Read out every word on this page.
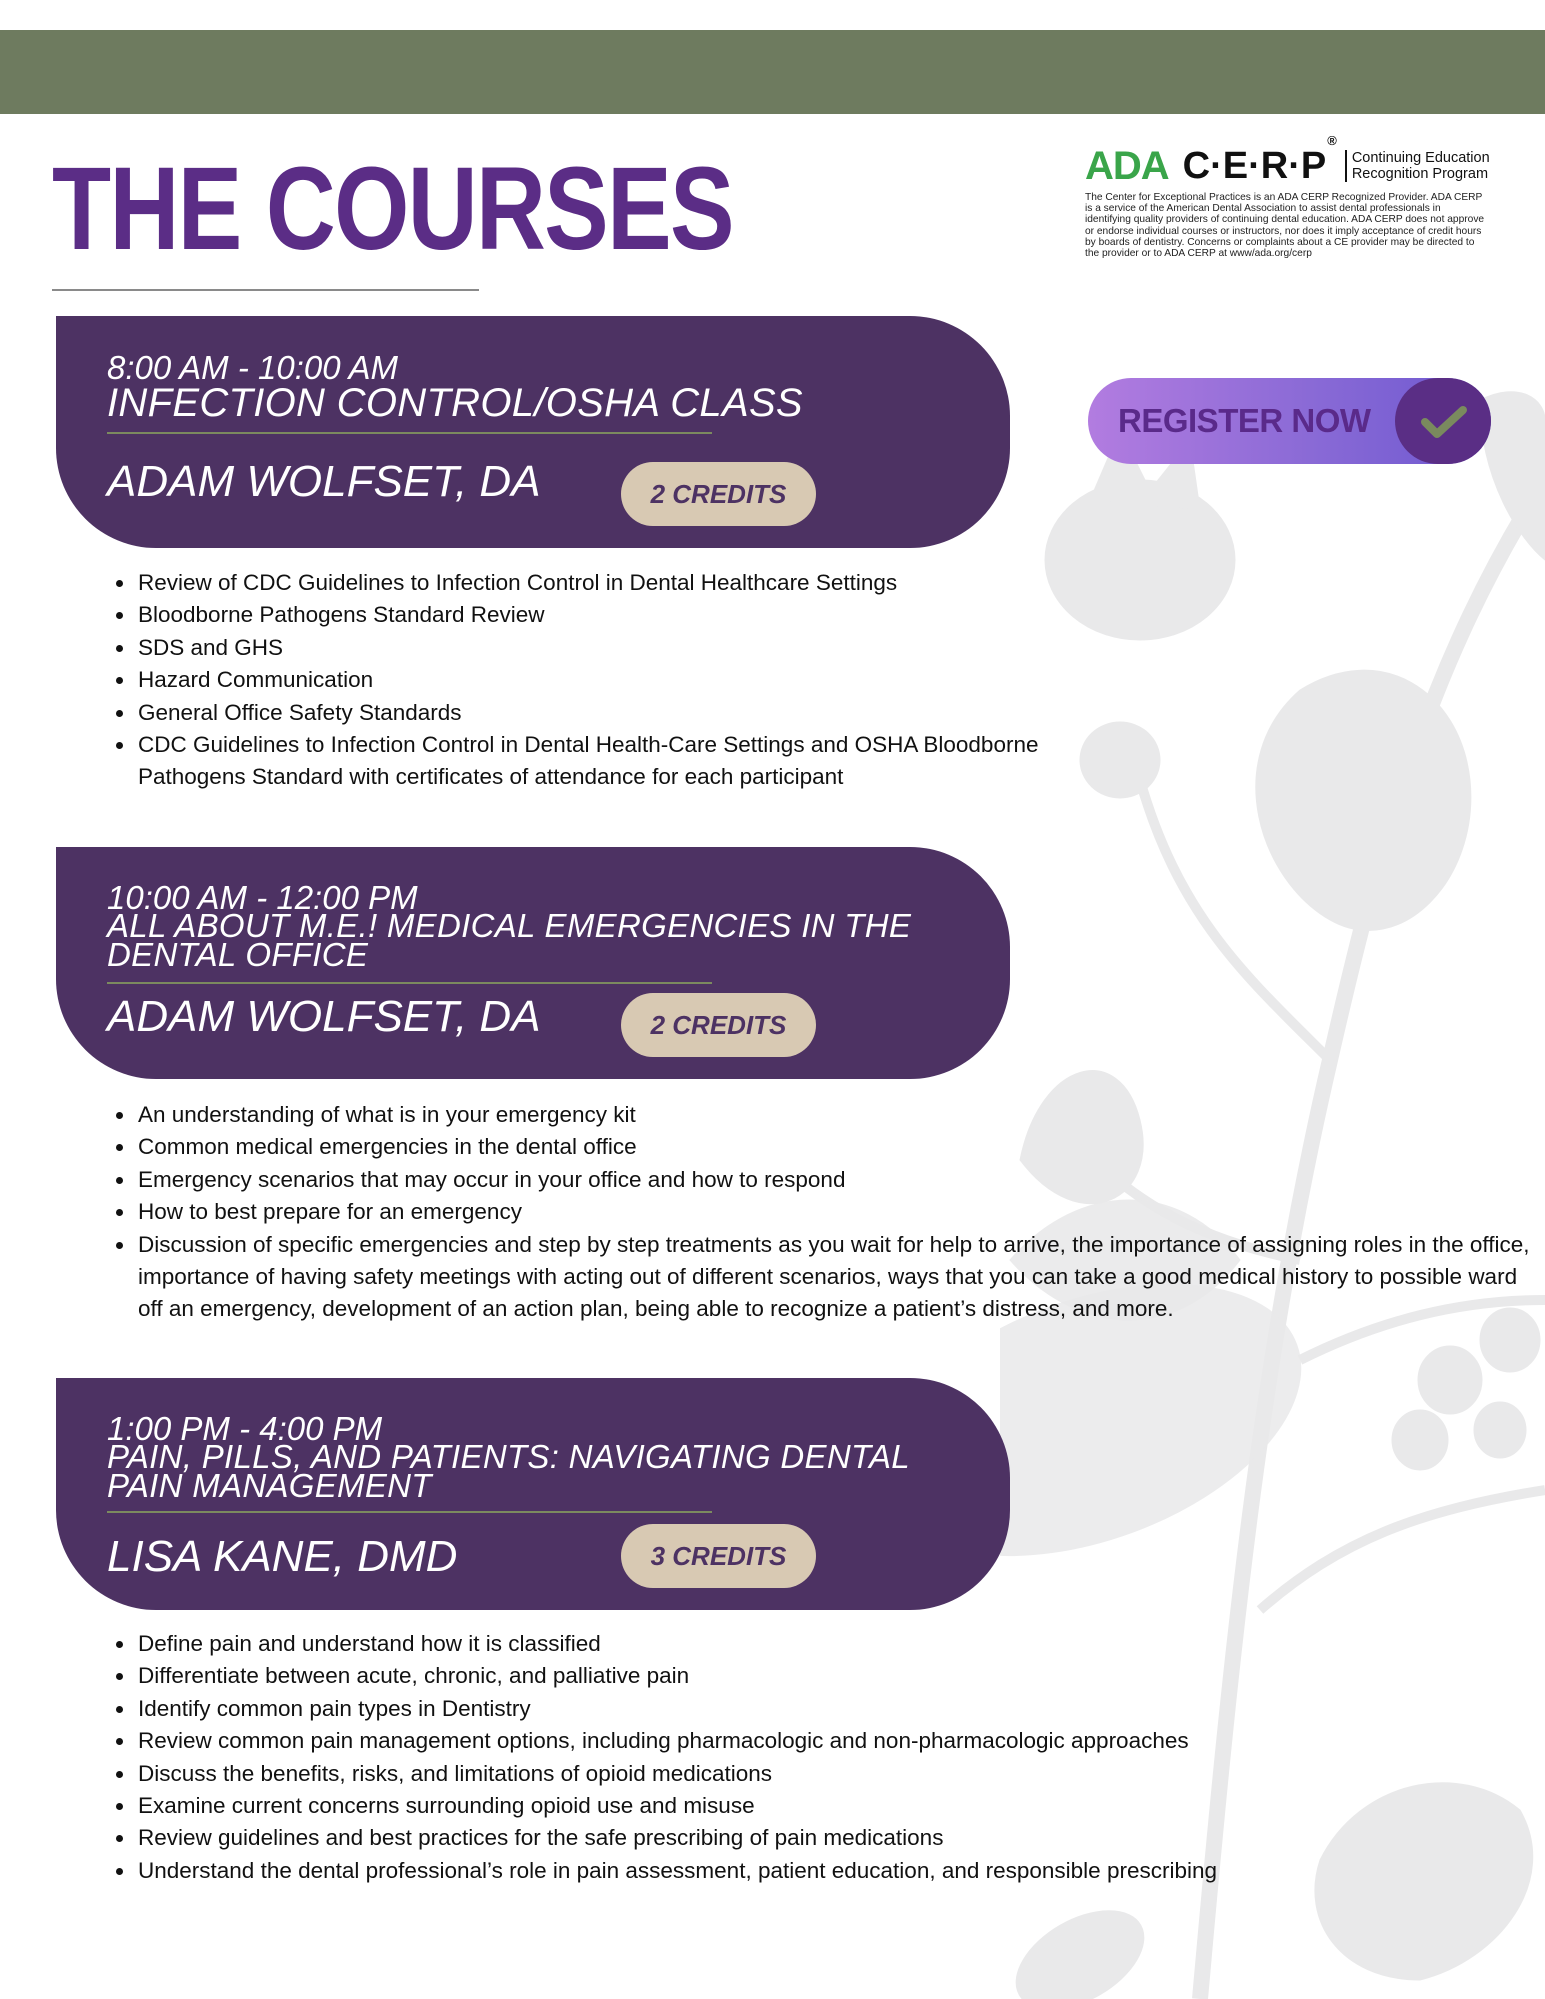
THE COURSES	ADA C·E·R·P®
Continuing Education
Recognition Program
The Center for Exceptional Practices is an ADA CERP Recognized Provider. ADA CERP is a service of the American Dental Association to assist dental professionals in identifying quality providers of continuing dental education. ADA CERP does not approve or endorse individual courses or instructors, nor does it imply acceptance of credit hours by boards of dentistry. Concerns or complaints about a CE provider may be directed to the provider or to ADA CERP at www/ada.org/cerp
REGISTER NOW

8:00 AM - 10:00 AM

INFECTION CONTROL/OSHA CLASS

ADAM WOLFSET, DA	2 CREDITS
• Review of CDC Guidelines to Infection Control in Dental Healthcare Settings
• Bloodborne Pathogens Standard Review
• SDS and GHS
• Hazard Communication
• General Office Safety Standards
• CDC Guidelines to Infection Control in Dental Health-Care Settings and OSHA Bloodborne Pathogens Standard with certificates of attendance for each participant

10:00 AM - 12:00 PM

ALL ABOUT M.E.! MEDICAL EMERGENCIES IN THE

DENTAL OFFICE

ADAM WOLFSET, DA	2 CREDITS
• An understanding of what is in your emergency kit
• Common medical emergencies in the dental office
• Emergency scenarios that may occur in your office and how to respond
• How to best prepare for an emergency
• Discussion of specific emergencies and step by step treatments as you wait for help to arrive, the importance of assigning roles in the office, importance of having safety meetings with acting out of different scenarios, ways that you can take a good medical history to possible ward off an emergency, development of an action plan, being able to recognize a patient’s distress, and more.

1:00 PM - 4:00 PM

PAIN, PILLS, AND PATIENTS: NAVIGATING DENTAL

PAIN MANAGEMENT

LISA KANE, DMD	3 CREDITS
• Define pain and understand how it is classified
• Differentiate between acute, chronic, and palliative pain
• Identify common pain types in Dentistry
• Review common pain management options, including pharmacologic and non-pharmacologic approaches
• Discuss the benefits, risks, and limitations of opioid medications
• Examine current concerns surrounding opioid use and misuse
• Review guidelines and best practices for the safe prescribing of pain medications
• Understand the dental professional’s role in pain assessment, patient education, and responsible prescribing
